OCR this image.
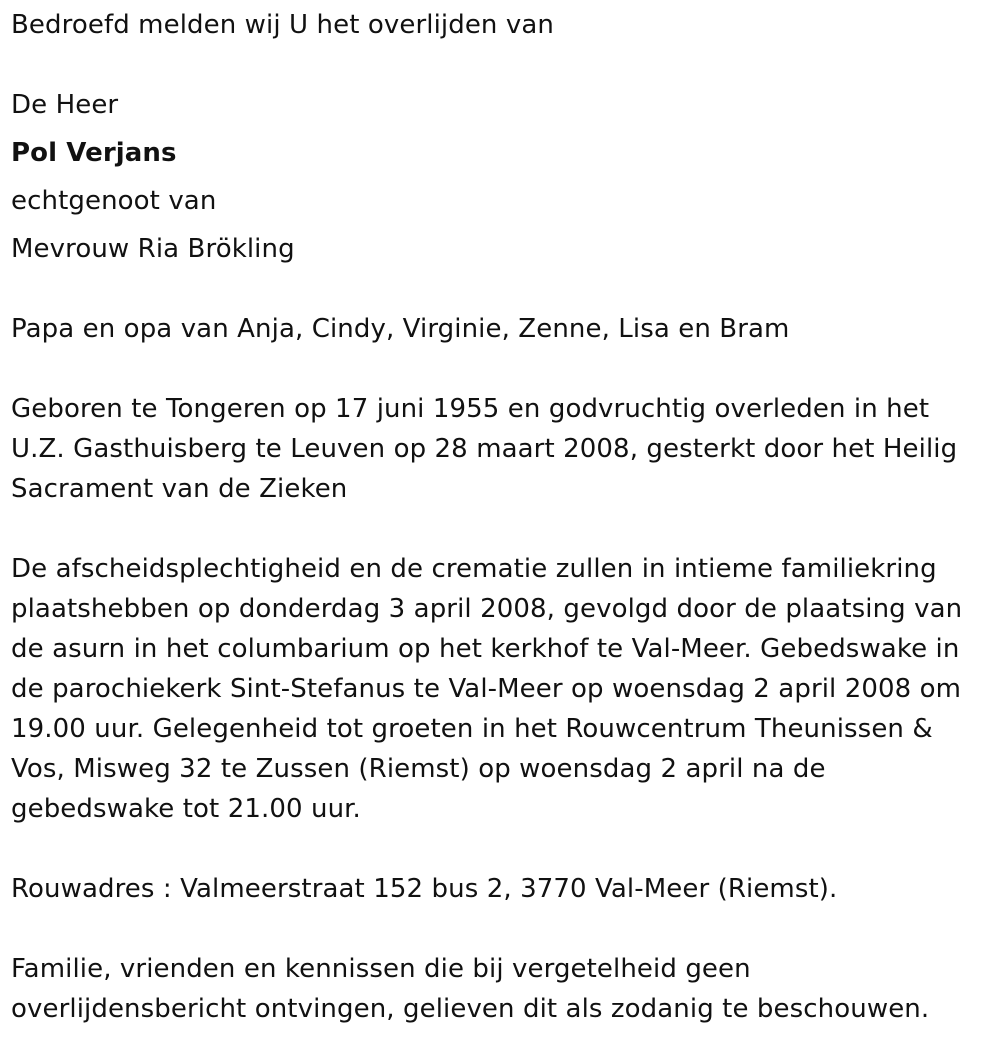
Bedroefd melden wij U het overlijden van
De Heer
Pol Verjans
echtgenoot van
Mevrouw Ria Brökling
Papa en opa van Anja, Cindy, Virginie, Zenne, Lisa en Bram
Geboren te Tongeren op 17 juni 1955 en godvruchtig overleden in het
U.Z. Gasthuisberg te Leuven op 28 maart 2008, gesterkt door het Heilig
Sacrament van de Zieken
De afscheidsplechtigheid en de crematie zullen in intieme familiekring
plaatshebben op donderdag 3 april 2008, gevolgd door de plaatsing van
de asurn in het columbarium op het kerkhof te Val-Meer. Gebedswake in
de parochiekerk Sint-Stefanus te Val-Meer op woensdag 2 april 2008 om
19.00 uur. Gelegenheid tot groeten in het Rouwcentrum Theunissen &
Vos, Misweg 32 te Zussen (Riemst) op woensdag 2 april na de
gebedswake tot 21.00 uur.
Rouwadres : Valmeerstraat 152 bus 2, 3770 Val-Meer (Riemst).
Familie, vrienden en kennissen die bij vergetelheid geen
overlijdensbericht ontvingen, gelieven dit als zodanig te beschouwen.
